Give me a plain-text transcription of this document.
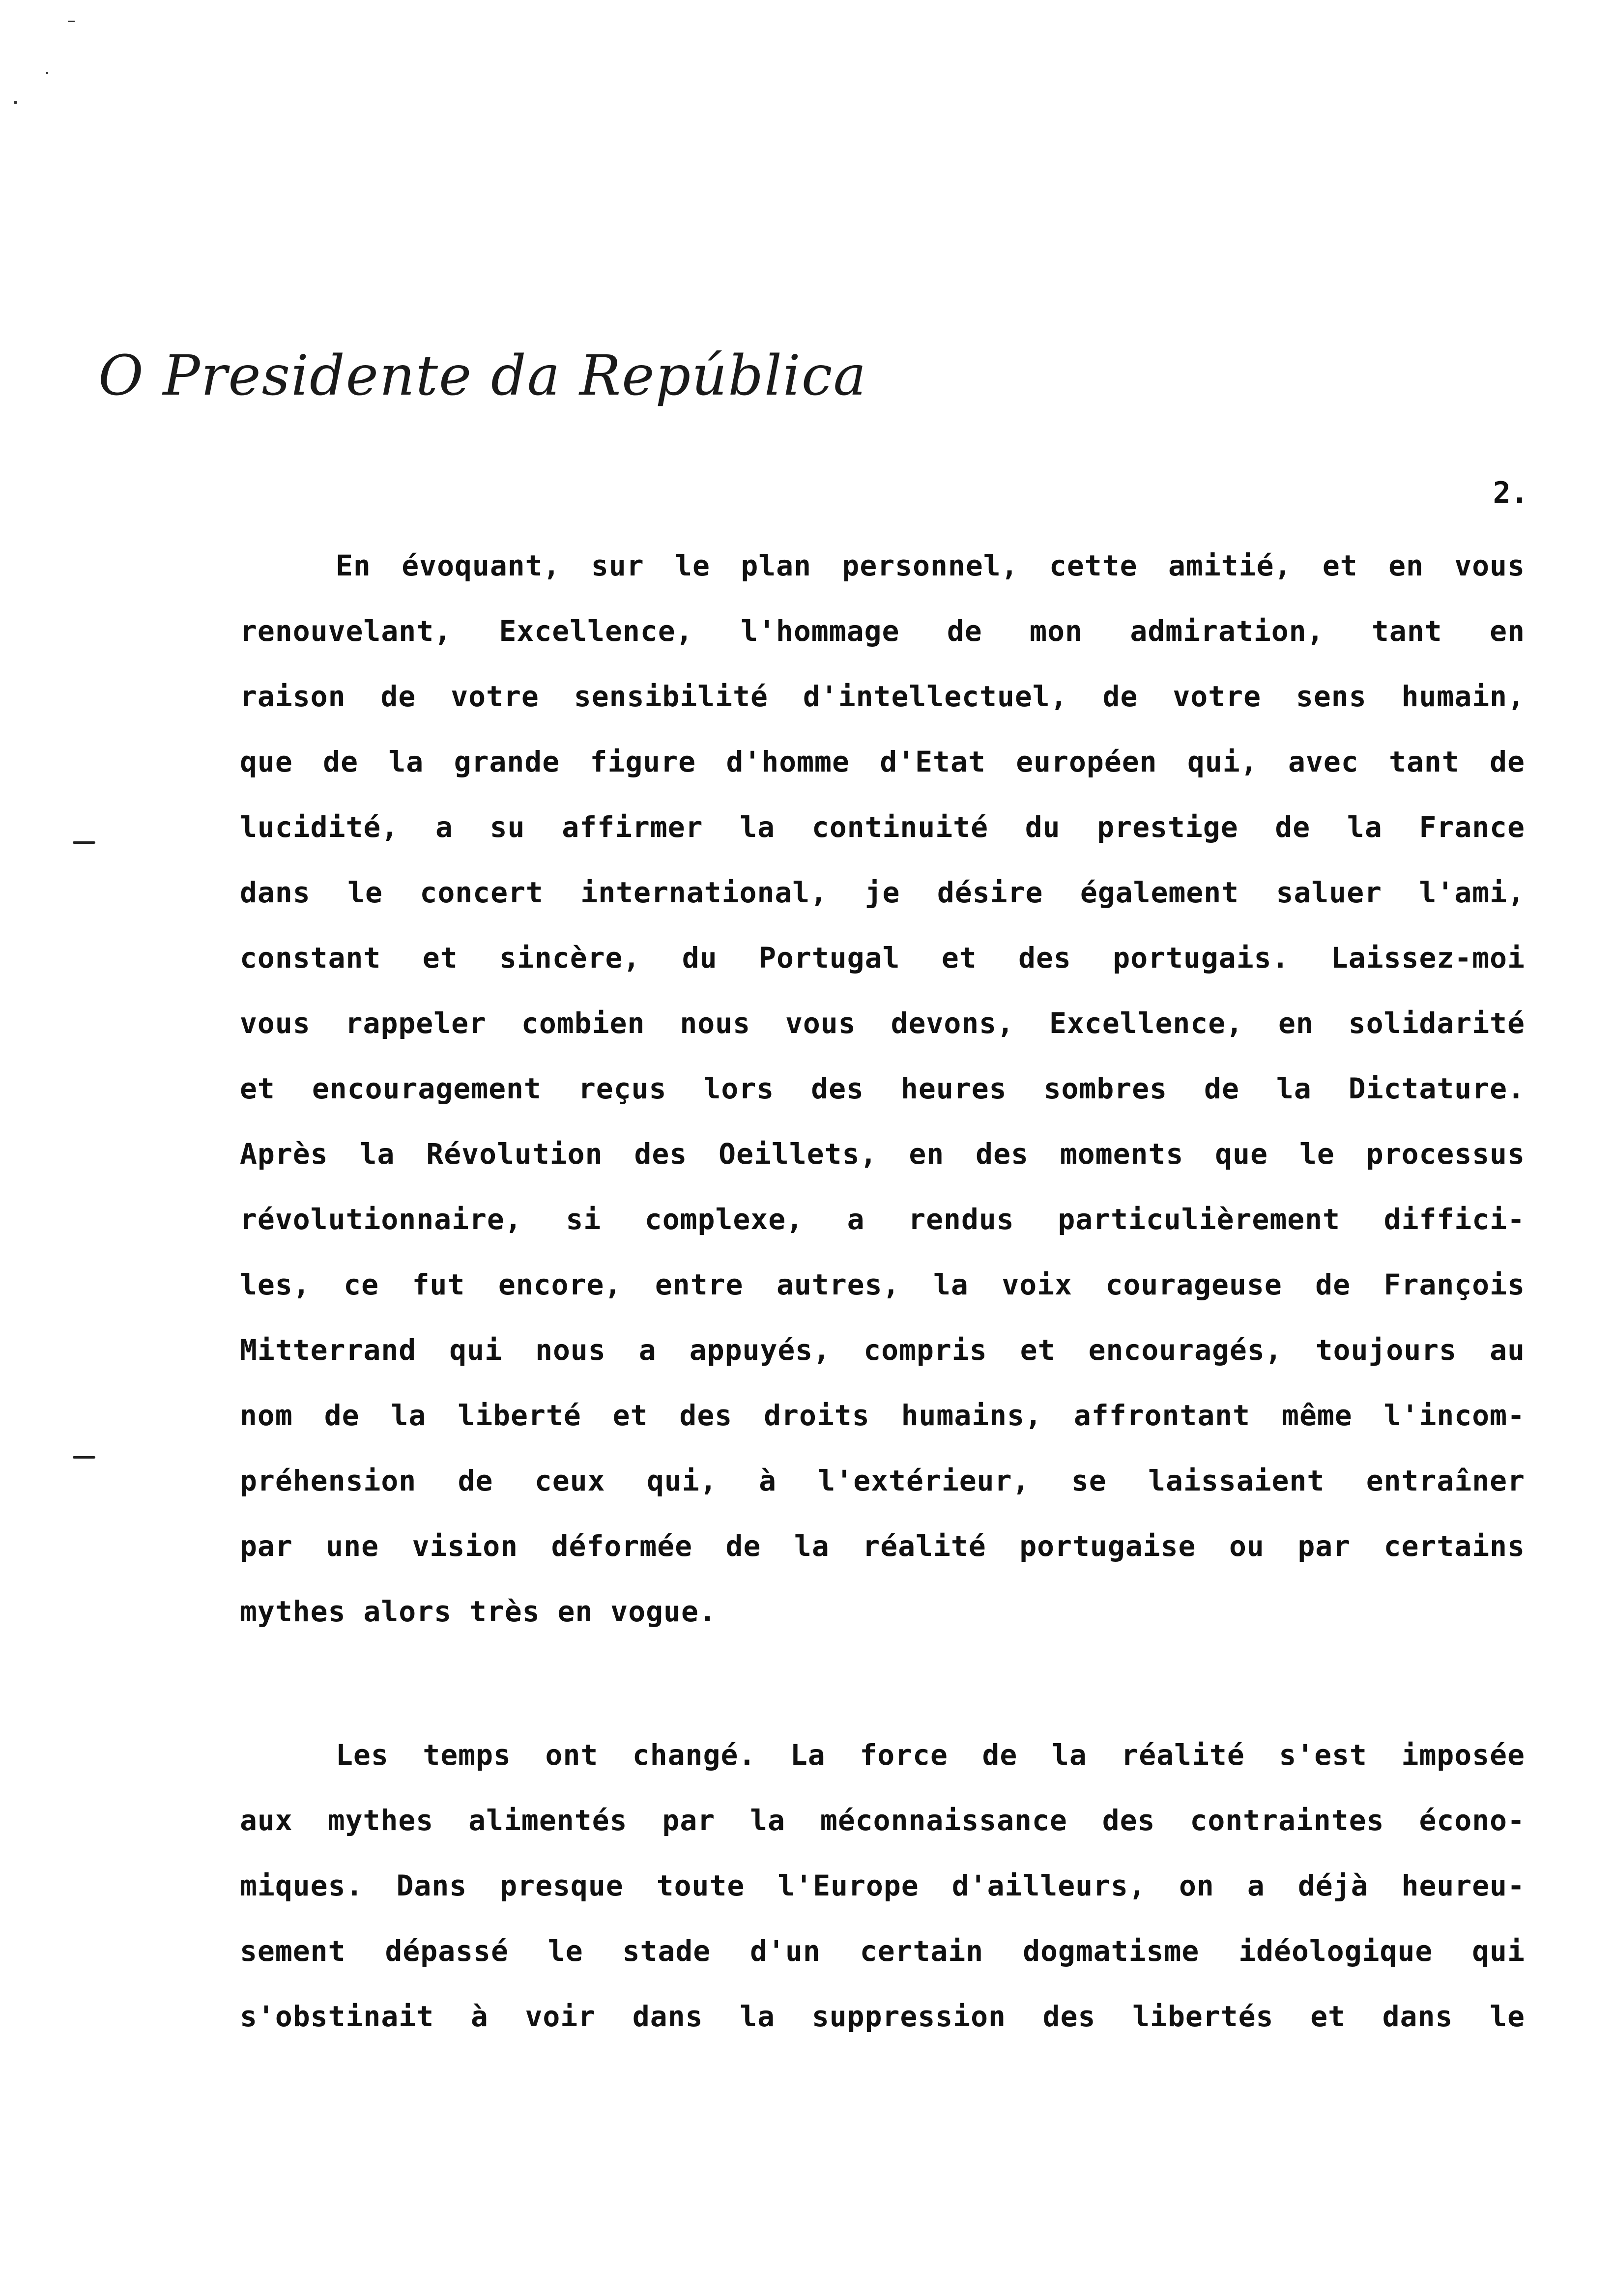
O Presidente da República
2.
En évoquant, sur le plan personnel, cette amitié, et en vous
renouvelant, Excellence, l'hommage de mon admiration, tant en
raison de votre sensibilité d'intellectuel, de votre sens humain,
que de la grande figure d'homme d'Etat européen qui, avec tant de
lucidité, a su affirmer la continuité du prestige de la France
dans le concert international, je désire également saluer l'ami,
constant et sincère, du Portugal et des portugais. Laissez-moi
vous rappeler combien nous vous devons, Excellence, en solidarité
et encouragement reçus lors des heures sombres de la Dictature.
Après la Révolution des Oeillets, en des moments que le processus
révolutionnaire, si complexe, a rendus particulièrement diffici-
les, ce fut encore, entre autres, la voix courageuse de François
Mitterrand qui nous a appuyés, compris et encouragés, toujours au
nom de la liberté et des droits humains, affrontant même l'incom-
préhension de ceux qui, à l'extérieur, se laissaient entraîner
par une vision déformée de la réalité portugaise ou par certains
mythes alors très en vogue.
Les temps ont changé. La force de la réalité s'est imposée
aux mythes alimentés par la méconnaissance des contraintes écono-
miques. Dans presque toute l'Europe d'ailleurs, on a déjà heureu-
sement dépassé le stade d'un certain dogmatisme idéologique qui
s'obstinait à voir dans la suppression des libertés et dans le
